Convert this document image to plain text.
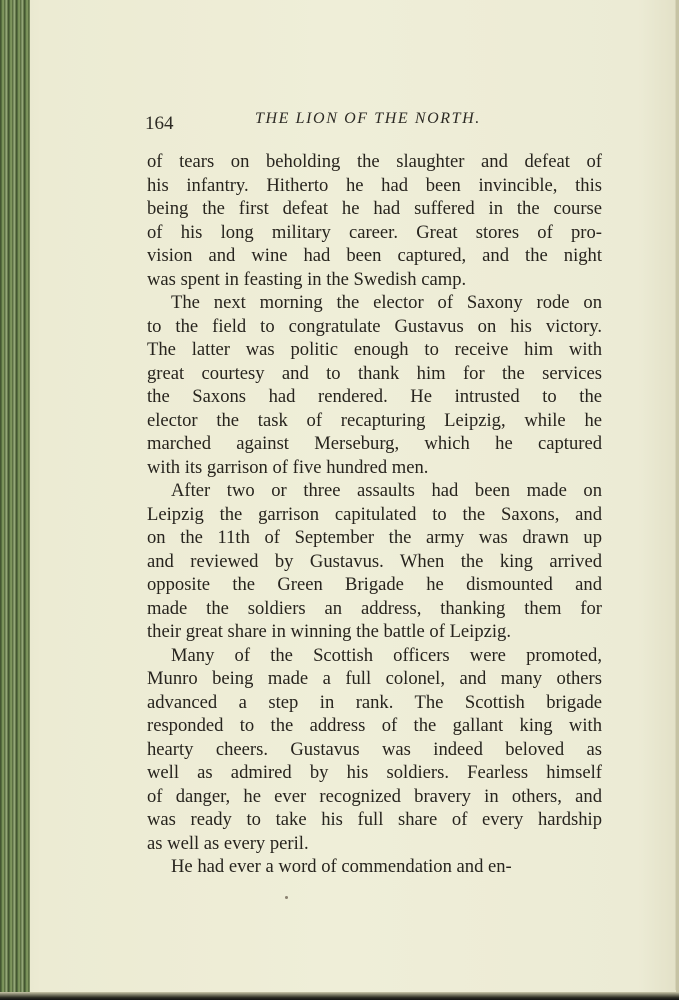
164	THE LION OF THE NORTH.
of tears on beholding the slaughter and defeat of
his infantry. Hitherto he had been invincible, this
being the first defeat he had suffered in the course
of his long military career. Great stores of pro-
vision and wine had been captured, and the night
was spent in feasting in the Swedish camp.
The next morning the elector of Saxony rode on
to the field to congratulate Gustavus on his victory.
The latter was politic enough to receive him with
great courtesy and to thank him for the services
the Saxons had rendered. He intrusted to the
elector the task of recapturing Leipzig, while he
marched against Merseburg, which he captured
with its garrison of five hundred men.
After two or three assaults had been made on
Leipzig the garrison capitulated to the Saxons, and
on the 11th of September the army was drawn up
and reviewed by Gustavus. When the king arrived
opposite the Green Brigade he dismounted and
made the soldiers an address, thanking them for
their great share in winning the battle of Leipzig.
Many of the Scottish officers were promoted,
Munro being made a full colonel, and many others
advanced a step in rank. The Scottish brigade
responded to the address of the gallant king with
hearty cheers. Gustavus was indeed beloved as
well as admired by his soldiers. Fearless himself
of danger, he ever recognized bravery in others, and
was ready to take his full share of every hardship
as well as every peril.
He had ever a word of commendation and en-
